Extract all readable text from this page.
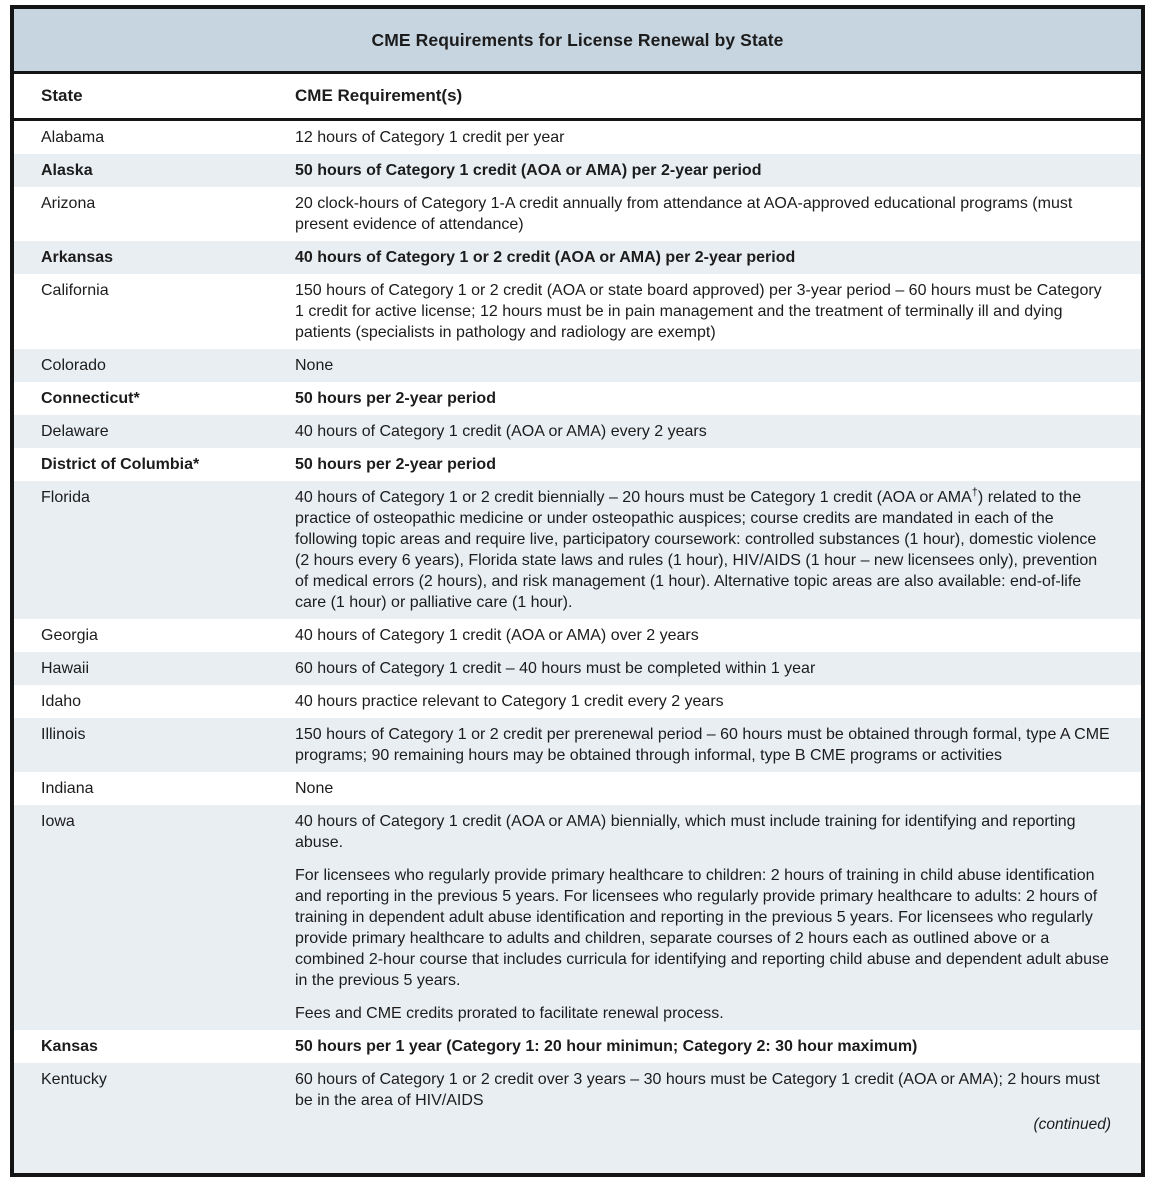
CME Requirements for License Renewal by State
State	CME Requirement(s)
Alabama	12 hours of Category 1 credit per year

Alaska	50 hours of Category 1 credit (AOA or AMA) per 2-year period

Arizona	20 clock-hours of Category 1-A credit annually from attendance at AOA-approved educational programs (must present evidence of attendance)

Arkansas	40 hours of Category 1 or 2 credit (AOA or AMA) per 2-year period

California	150 hours of Category 1 or 2 credit (AOA or state board approved) per 3-year period – 60 hours must be Category 1 credit for active license; 12 hours must be in pain management and the treatment of terminally ill and dying patients (specialists in pathology and radiology are exempt)

Colorado	None

Connecticut*	50 hours per 2-year period

Delaware	40 hours of Category 1 credit (AOA or AMA) every 2 years

District of Columbia*	50 hours per 2-year period

Florida	40 hours of Category 1 or 2 credit biennially – 20 hours must be Category 1 credit (AOA or AMA†) related to the practice of osteopathic medicine or under osteopathic auspices; course credits are mandated in each of the following topic areas and require live, participatory coursework: controlled substances (1 hour), domestic violence (2 hours every 6 years), Florida state laws and rules (1 hour), HIV/AIDS (1 hour – new licensees only), prevention of medical errors (2 hours), and risk management (1 hour). Alternative topic areas are also available: end-of-life care (1 hour) or palliative care (1 hour).

Georgia	40 hours of Category 1 credit (AOA or AMA) over 2 years

Hawaii	60 hours of Category 1 credit – 40 hours must be completed within 1 year

Idaho	40 hours practice relevant to Category 1 credit every 2 years

Illinois	150 hours of Category 1 or 2 credit per prerenewal period – 60 hours must be obtained through formal, type A CME programs; 90 remaining hours may be obtained through informal, type B CME programs or activities

Indiana	None

Iowa	40 hours of Category 1 credit (AOA or AMA) biennially, which must include training for identifying and reporting abuse.

For licensees who regularly provide primary healthcare to children: 2 hours of training in child abuse identification and reporting in the previous 5 years. For licensees who regularly provide primary healthcare to adults: 2 hours of training in dependent adult abuse identification and reporting in the previous 5 years. For licensees who regularly provide primary healthcare to adults and children, separate courses of 2 hours each as outlined above or a combined 2-hour course that includes curricula for identifying and reporting child abuse and dependent adult abuse in the previous 5 years.

Fees and CME credits prorated to facilitate renewal process.

Kansas	50 hours per 1 year (Category 1: 20 hour minimun; Category 2: 30 hour maximum)

Kentucky	60 hours of Category 1 or 2 credit over 3 years – 30 hours must be Category 1 credit (AOA or AMA); 2 hours must be in the area of HIV/AIDS

(continued)
